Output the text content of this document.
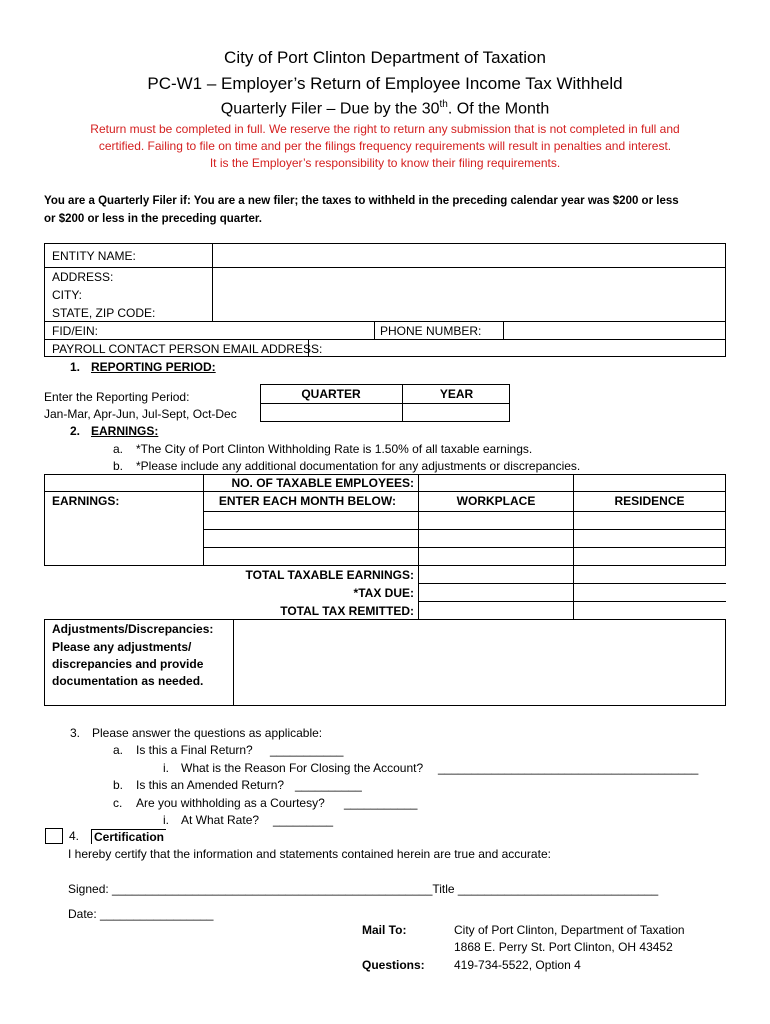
City of Port Clinton Department of Taxation
PC-W1 – Employer’s Return of Employee Income Tax Withheld
Quarterly Filer – Due by the 30th. Of the Month
Return must be completed in full. We reserve the right to return any submission that is not completed in full and
certified. Failing to file on time and per the filings frequency requirements will result in penalties and interest.
It is the Employer’s responsibility to know their filing requirements.
You are a Quarterly Filer if: You are a new filer; the taxes to withheld in the preceding calendar year was $200 or less
or $200 or less in the preceding quarter.
ENTITY NAME:
ADDRESS:
CITY:
STATE, ZIP CODE:
FID/EIN:	PHONE NUMBER:
PAYROLL CONTACT PERSON EMAIL ADDRESS:
1. REPORTING PERIOD:
Enter the Reporting Period:
Jan-Mar, Apr-Jun, Jul-Sept, Oct-Dec
QUARTER	YEAR
2. EARNINGS:
a. *The City of Port Clinton Withholding Rate is 1.50% of all taxable earnings.
b. *Please include any additional documentation for any adjustments or discrepancies.
NO. OF TAXABLE EMPLOYEES:
EARNINGS:	ENTER EACH MONTH BELOW:	WORKPLACE	RESIDENCE
TOTAL TAXABLE EARNINGS:
*TAX DUE:
TOTAL TAX REMITTED:
Adjustments/Discrepancies:
Please any adjustments/
discrepancies and provide
documentation as needed.
3. Please answer the questions as applicable:
a. Is this a Final Return? ___________
i. What is the Reason For Closing the Account? _______________________________________
b. Is this an Amended Return? __________
c. Are you withholding as a Courtesy? ___________
i. At What Rate? _________
4. Certification
I hereby certify that the information and statements contained herein are true and accurate:
Signed: ________________________________________________Title ______________________________
Date: _________________
Mail To:	City of Port Clinton, Department of Taxation
1868 E. Perry St. Port Clinton, OH 43452
Questions: 419-734-5522, Option 4
